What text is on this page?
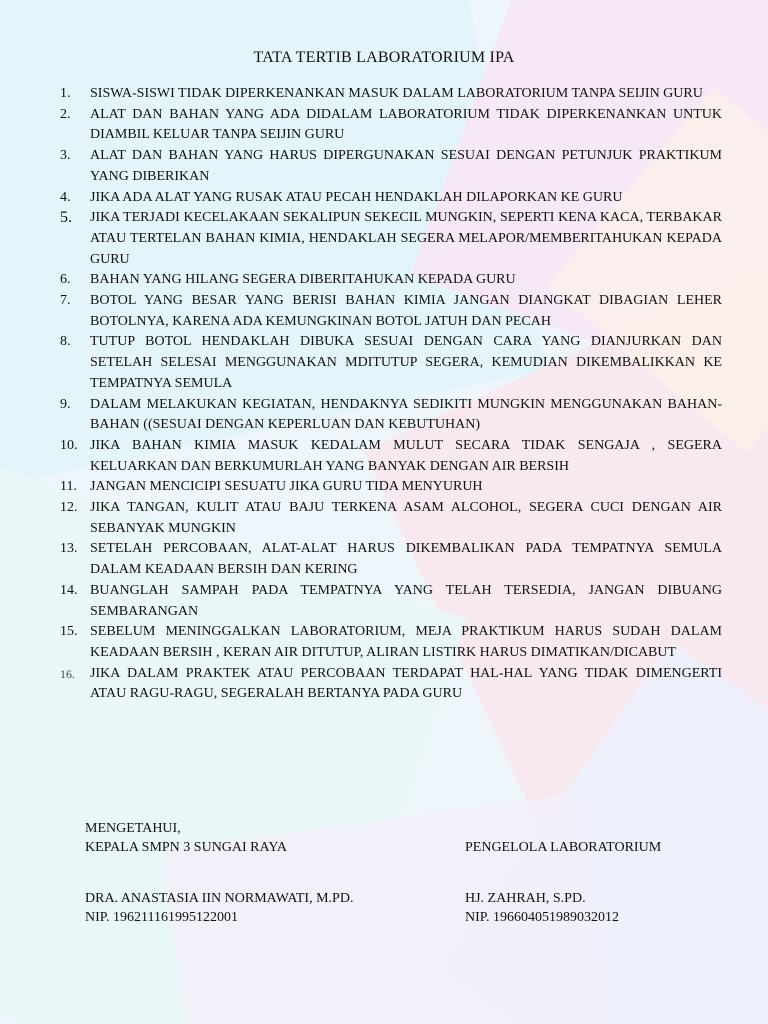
TATA TERTIB LABORATORIUM IPA
1.	SISWA-SISWI TIDAK DIPERKENANKAN MASUK DALAM LABORATORIUM TANPA SEIJIN GURU
2.	ALAT DAN BAHAN YANG ADA DIDALAM LABORATORIUM TIDAK DIPERKENANKAN UNTUK DIAMBIL KELUAR TANPA SEIJIN GURU
3.	ALAT DAN BAHAN YANG HARUS DIPERGUNAKAN SESUAI DENGAN PETUNJUK PRAKTIKUM YANG DIBERIKAN
4.	JIKA ADA ALAT YANG RUSAK ATAU PECAH HENDAKLAH DILAPORKAN KE GURU
5.	JIKA TERJADI KECELAKAAN SEKALIPUN SEKECIL MUNGKIN, SEPERTI KENA KACA, TERBAKAR ATAU TERTELAN BAHAN KIMIA, HENDAKLAH SEGERA MELAPOR/MEMBERITAHUKAN KEPADA GURU
6.	BAHAN YANG HILANG SEGERA DIBERITAHUKAN KEPADA GURU
7.	BOTOL YANG BESAR YANG BERISI BAHAN KIMIA JANGAN DIANGKAT DIBAGIAN LEHER BOTOLNYA, KARENA ADA KEMUNGKINAN BOTOL JATUH DAN PECAH
8.	TUTUP BOTOL HENDAKLAH DIBUKA SESUAI DENGAN CARA YANG DIANJURKAN DAN SETELAH SELESAI MENGGUNAKAN MDITUTUP SEGERA, KEMUDIAN DIKEMBALIKKAN KE TEMPATNYA SEMULA
9.	DALAM MELAKUKAN KEGIATAN, HENDAKNYA SEDIKITI MUNGKIN MENGGUNAKAN BAHAN-BAHAN ((SESUAI DENGAN KEPERLUAN DAN KEBUTUHAN)
10. JIKA BAHAN KIMIA MASUK KEDALAM MULUT SECARA TIDAK SENGAJA , SEGERA KELUARKAN DAN BERKUMURLAH YANG BANYAK DENGAN AIR BERSIH
11. JANGAN MENCICIPI SESUATU JIKA GURU TIDA MENYURUH
12. JIKA TANGAN, KULIT ATAU BAJU TERKENA ASAM ALCOHOL, SEGERA CUCI DENGAN AIR SEBANYAK MUNGKIN
13. SETELAH PERCOBAAN, ALAT-ALAT HARUS DIKEMBALIKAN PADA TEMPATNYA SEMULA DALAM KEADAAN BERSIH DAN KERING
14. BUANGLAH SAMPAH PADA TEMPATNYA YANG TELAH TERSEDIA, JANGAN DIBUANG SEMBARANGAN
15. SEBELUM MENINGGALKAN LABORATORIUM, MEJA PRAKTIKUM HARUS SUDAH DALAM KEADAAN BERSIH , KERAN AIR DITUTUP, ALIRAN LISTIRK HARUS DIMATIKAN/DICABUT
16.	JIKA DALAM PRAKTEK ATAU PERCOBAAN TERDAPAT HAL-HAL YANG TIDAK DIMENGERTI ATAU RAGU-RAGU, SEGERALAH BERTANYA PADA GURU
MENGETAHUI,
KEPALA SMPN 3 SUNGAI RAYA
DRA. ANASTASIA IIN NORMAWATI, M.PD.
NIP. 196211161995122001
PENGELOLA LABORATORIUM
HJ. ZAHRAH, S.PD.
NIP. 196604051989032012
